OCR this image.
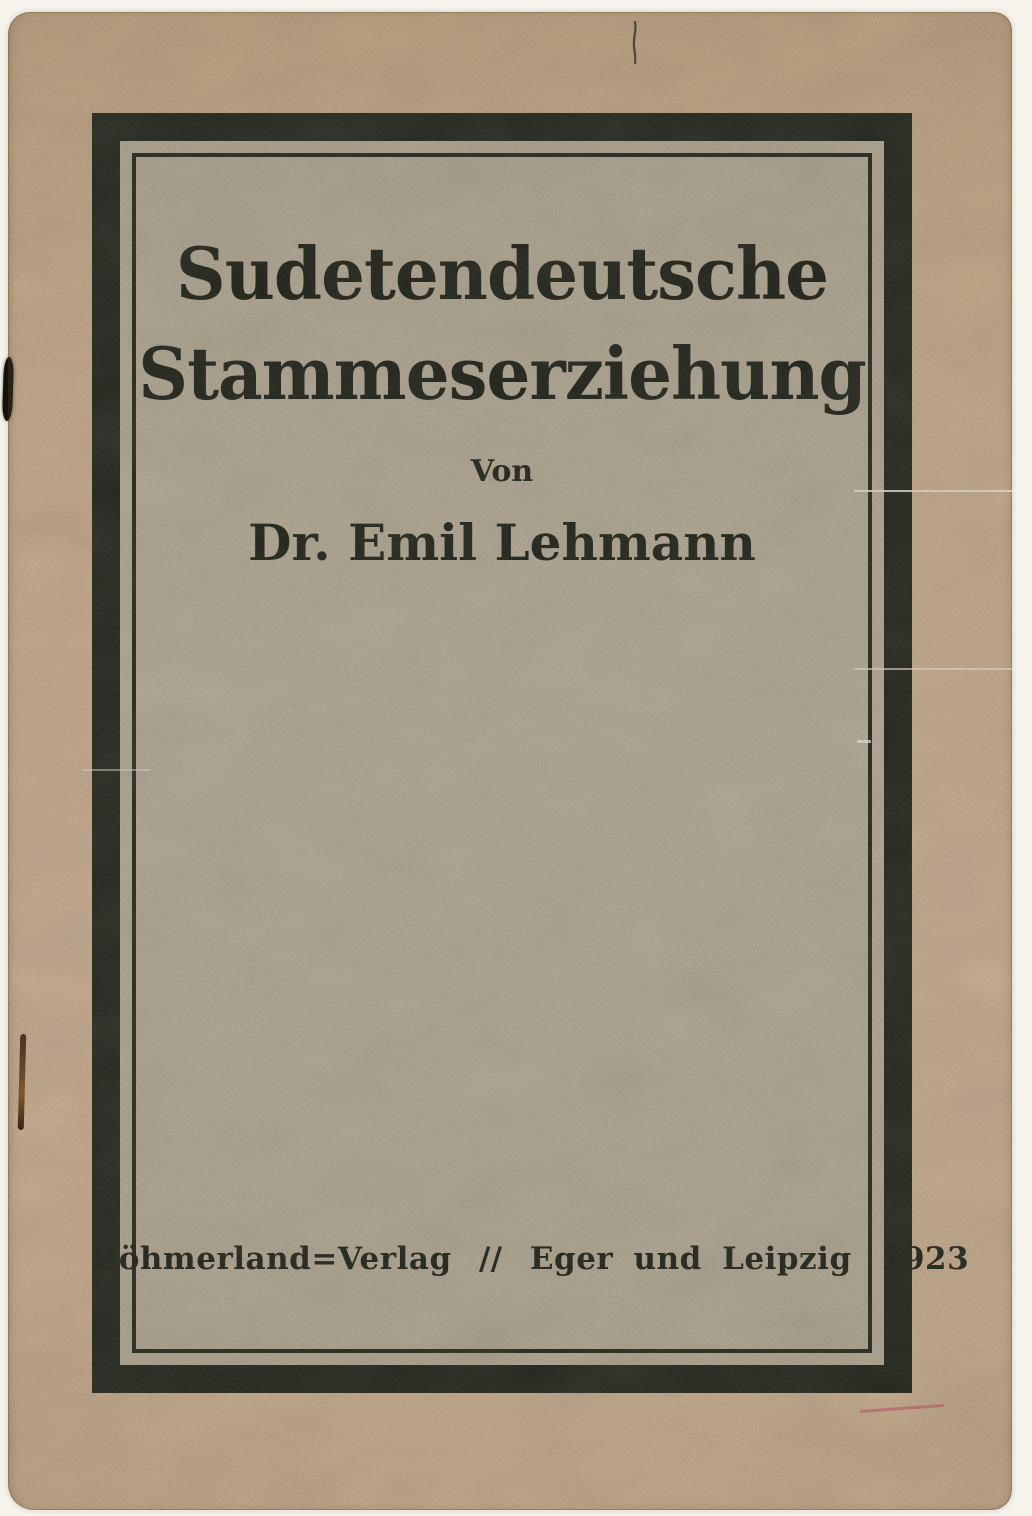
Sudetendeutsche
Stammeserziehung
Von
Dr. Emil Lehmann
Böhmerland=Verlag // Eger und Leipzig 1923
